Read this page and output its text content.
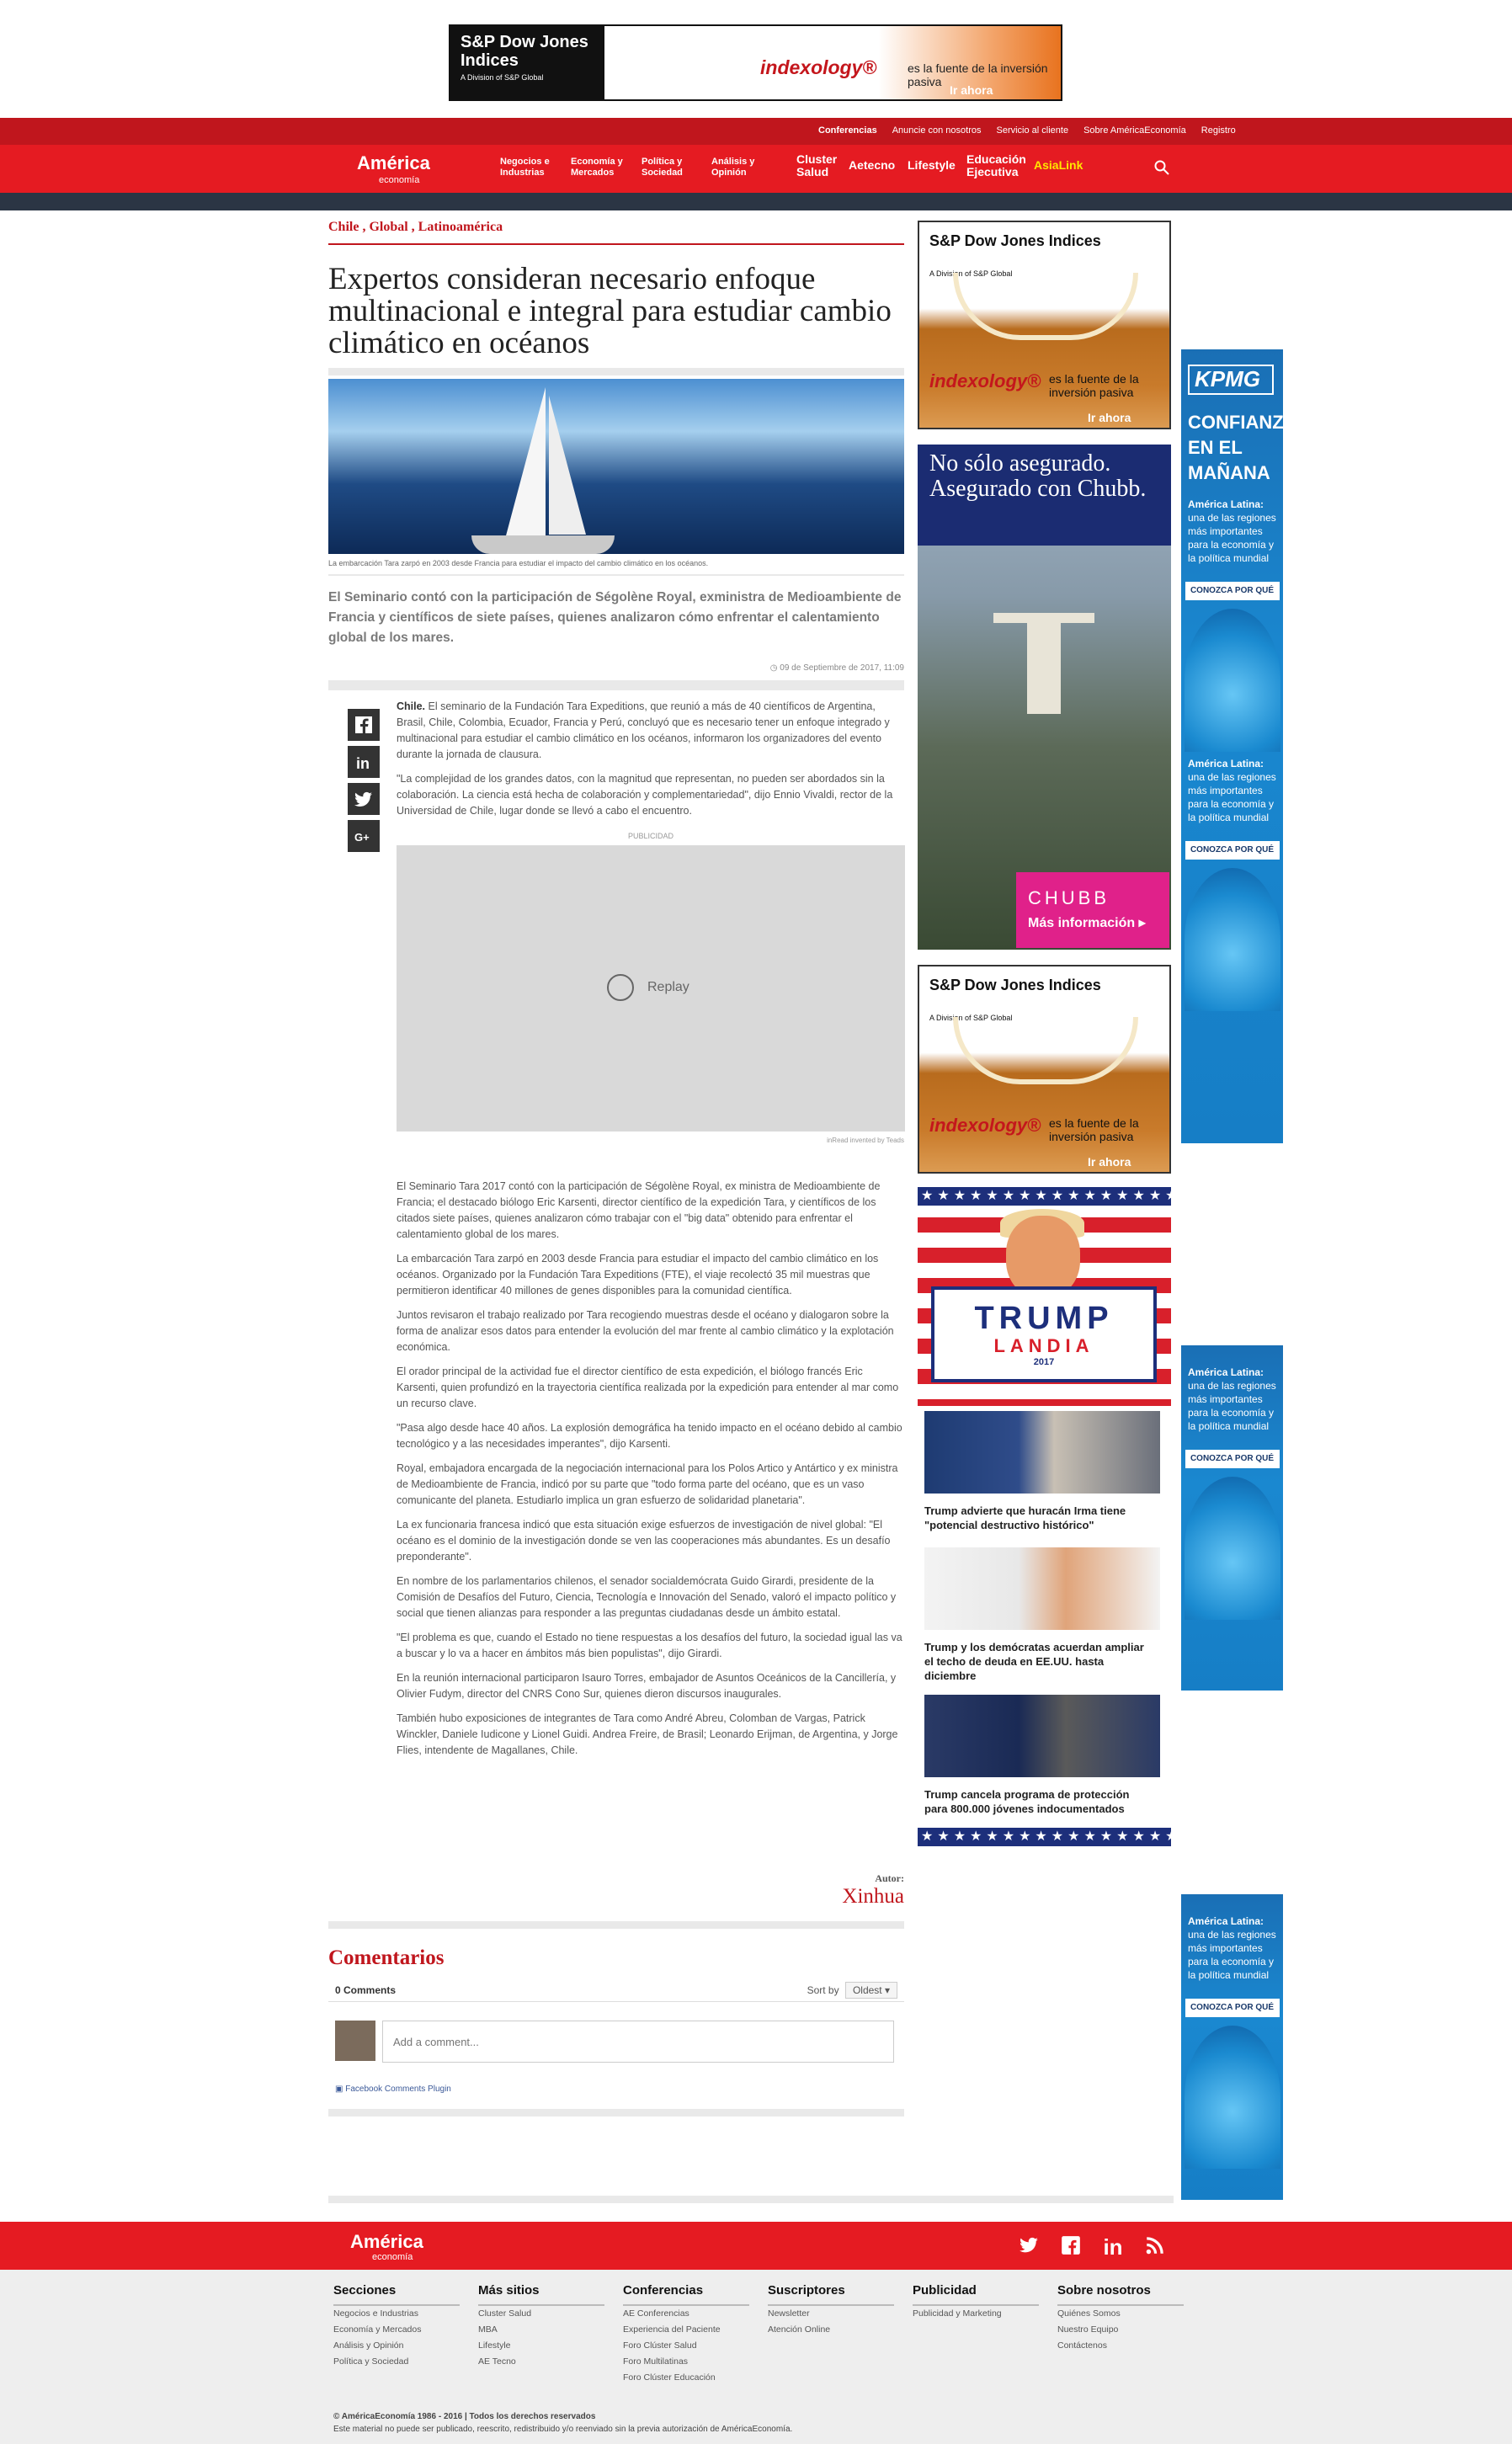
S&P Dow Jones Indices
A Division of S&P Global	indexology®	es la fuente de la inversión pasiva
Ir ahora
Conferencias Anuncie con nosotros Servicio al cliente Sobre AméricaEconomía Registro
América
economía
Negocios e Industrias
Economía y Mercados
Política y Sociedad
Análisis y Opinión
Cluster Salud	Aetecno Lifestyle Educación Ejecutiva	AsiaLink
Chile , Global , Latinoamérica
Expertos consideran necesario enfoque multinacional e integral para estudiar cambio climático en océanos
La embarcación Tara zarpó en 2003 desde Francia para estudiar el impacto del cambio climático en los océanos.
El Seminario contó con la participación de Ségolène Royal, exministra de Medioambiente de Francia y científicos de siete países, quienes analizaron cómo enfrentar el calentamiento global de los mares.
◷ 09 de Septiembre de 2017, 11:09
in
G+

Chile. El seminario de la Fundación Tara Expeditions, que reunió a más de 40 científicos de Argentina, Brasil, Chile, Colombia, Ecuador, Francia y Perú, concluyó que es necesario tener un enfoque integrado y multinacional para estudiar el cambio climático en los océanos, informaron los organizadores del evento durante la jornada de clausura.

"La complejidad de los grandes datos, con la magnitud que representan, no pueden ser abordados sin la colaboración. La ciencia está hecha de colaboración y complementariedad", dijo Ennio Vivaldi, rector de la Universidad de Chile, lugar donde se llevó a cabo el encuentro.

PUBLICIDAD
Replay
inRead invented by Teads

El Seminario Tara 2017 contó con la participación de Ségolène Royal, ex ministra de Medioambiente de Francia; el destacado biólogo Eric Karsenti, director científico de la expedición Tara, y científicos de los citados siete países, quienes analizaron cómo trabajar con el "big data" obtenido para enfrentar el calentamiento global de los mares.

La embarcación Tara zarpó en 2003 desde Francia para estudiar el impacto del cambio climático en los océanos. Organizado por la Fundación Tara Expeditions (FTE), el viaje recolectó 35 mil muestras que permitieron identificar 40 millones de genes disponibles para la comunidad científica.

Juntos revisaron el trabajo realizado por Tara recogiendo muestras desde el océano y dialogaron sobre la forma de analizar esos datos para entender la evolución del mar frente al cambio climático y la explotación económica.

El orador principal de la actividad fue el director científico de esta expedición, el biólogo francés Eric Karsenti, quien profundizó en la trayectoria científica realizada por la expedición para entender al mar como un recurso clave.

"Pasa algo desde hace 40 años. La explosión demográfica ha tenido impacto en el océano debido al cambio tecnológico y a las necesidades imperantes", dijo Karsenti.

Royal, embajadora encargada de la negociación internacional para los Polos Artico y Antártico y ex ministra de Medioambiente de Francia, indicó por su parte que "todo forma parte del océano, que es un vaso comunicante del planeta. Estudiarlo implica un gran esfuerzo de solidaridad planetaria".

La ex funcionaria francesa indicó que esta situación exige esfuerzos de investigación de nivel global: "El océano es el dominio de la investigación donde se ven las cooperaciones más abundantes. Es un desafío preponderante".

En nombre de los parlamentarios chilenos, el senador socialdemócrata Guido Girardi, presidente de la Comisión de Desafíos del Futuro, Ciencia, Tecnología e Innovación del Senado, valoró el impacto político y social que tienen alianzas para responder a las preguntas ciudadanas desde un ámbito estatal.

"El problema es que, cuando el Estado no tiene respuestas a los desafíos del futuro, la sociedad igual las va a buscar y lo va a hacer en ámbitos más bien populistas", dijo Girardi.

En la reunión internacional participaron Isauro Torres, embajador de Asuntos Oceánicos de la Cancillería, y Olivier Fudym, director del CNRS Cono Sur, quienes dieron discursos inaugurales.

También hubo exposiciones de integrantes de Tara como André Abreu, Colomban de Vargas, Patrick Winckler, Daniele Iudicone y Lionel Guidi. Andrea Freire, de Brasil; Leonardo Erijman, de Argentina, y Jorge Flies, intendente de Magallanes, Chile.

Autor:
Xinhua
Comentarios
0 Comments	Sort by Oldest ▾
Add a comment...
▣ Facebook Comments Plugin
S&P Dow Jones Indices
A Division of S&P Global
indexology® es la fuente de la inversión pasiva
Ir ahora
No sólo asegurado. Asegurado con Chubb.
CHUBB
Más información ▸
S&P Dow Jones Indices
A Division of S&P Global
indexology® es la fuente de la inversión pasiva
Ir ahora
★★★★★★★★★★★★★★★★★★★★
TRUMP
LANDIA
2017
Trump advierte que huracán Irma tiene "potencial destructivo histórico"
Trump y los demócratas acuerdan ampliar el techo de deuda en EE.UU. hasta diciembre
Trump cancela programa de protección para 800.000 jóvenes indocumentados
★★★★★★★★★★★★★★★★★★★★
KPMG
CONFIANZA EN EL MAÑANA
América Latina:
una de las regiones más importantes para la economía y la política mundial
CONOZCA POR QUÉ
América Latina:
una de las regiones más importantes para la economía y la política mundial
CONOZCA POR QUÉ
América Latina:
una de las regiones más importantes para la economía y la política mundial
CONOZCA POR QUÉ
América Latina:
una de las regiones más importantes para la economía y la política mundial
CONOZCA POR QUÉ
América
economía	in
Secciones
Negocios e Industrias
Economía y Mercados
Análisis y Opinión
Política y Sociedad
Más sitios
Cluster Salud
MBA
Lifestyle
AE Tecno
Conferencias
AE Conferencias
Experiencia del Paciente
Foro Clúster Salud
Foro Multilatinas
Foro Clúster Educación
Suscriptores
Newsletter
Atención Online
Publicidad
Publicidad y Marketing
Sobre nosotros
Quiénes Somos
Nuestro Equipo
Contáctenos
© AméricaEconomía 1986 - 2016 | Todos los derechos reservados
Este material no puede ser publicado, reescrito, redistribuido y/o reenviado sin la previa autorización de AméricaEconomía.
